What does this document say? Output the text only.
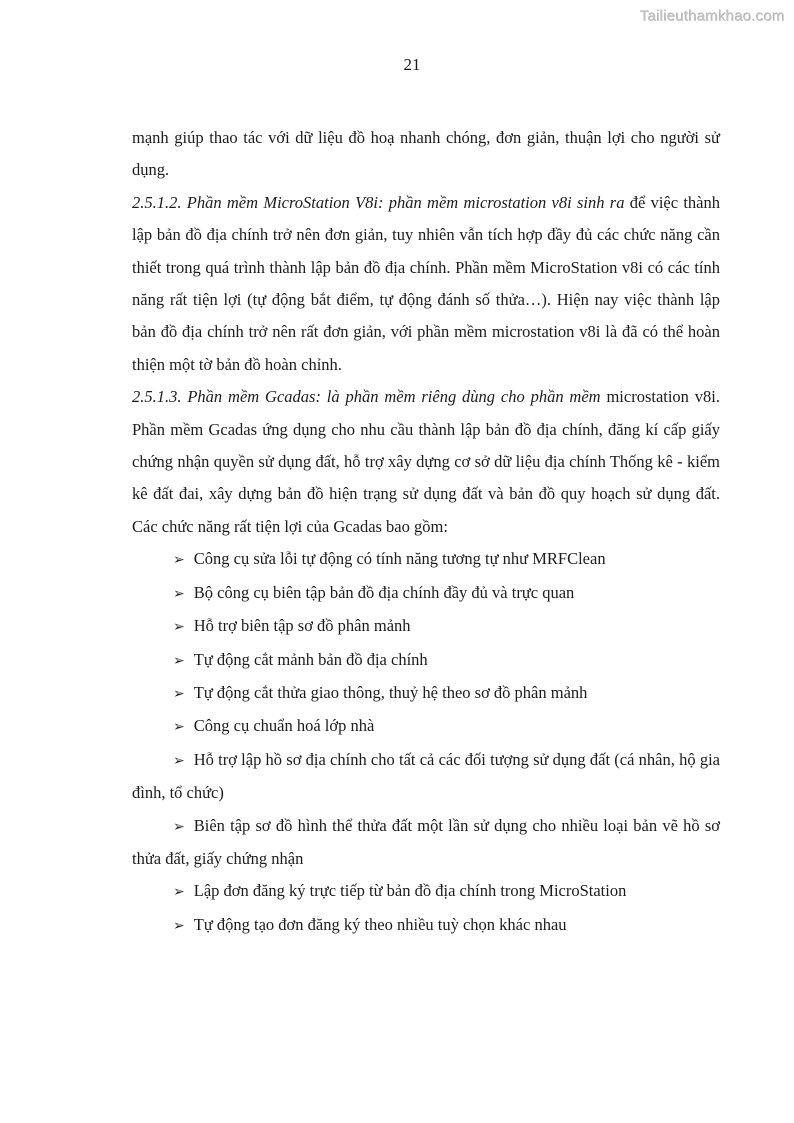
Tailieuthamkhao.com
21

mạnh giúp thao tác với dữ liệu đồ hoạ nhanh chóng, đơn giản, thuận lợi cho người sử dụng.

2.5.1.2. Phần mềm MicroStation V8i: phần mềm microstation v8i sinh ra để việc thành lập bản đồ địa chính trở nên đơn giản, tuy nhiên vẫn tích hợp đầy đủ các chức năng cần thiết trong quá trình thành lập bản đồ địa chính. Phần mềm MicroStation v8i có các tính năng rất tiện lợi (tự động bắt điểm, tự động đánh số thửa…). Hiện nay việc thành lập bản đồ địa chính trở nên rất đơn giản, với phần mềm microstation v8i là đã có thể hoàn thiện một tờ bản đồ hoàn chỉnh.

2.5.1.3. Phần mềm Gcadas: là phần mềm riêng dùng cho phần mềm microstation v8i. Phần mềm Gcadas ứng dụng cho nhu cầu thành lập bản đồ địa chính, đăng kí cấp giấy chứng nhận quyền sử dụng đất, hỗ trợ xây dựng cơ sở dữ liệu địa chính Thống kê - kiểm kê đất đai, xây dựng bản đồ hiện trạng sử dụng đất và bản đồ quy hoạch sử dụng đất. Các chức năng rất tiện lợi của Gcadas bao gồm:

➢ Công cụ sửa lỗi tự động có tính năng tương tự như MRFClean

➢ Bộ công cụ biên tập bản đồ địa chính đầy đủ và trực quan

➢ Hỗ trợ biên tập sơ đồ phân mảnh

➢ Tự động cắt mảnh bản đồ địa chính

➢ Tự động cắt thửa giao thông, thuỷ hệ theo sơ đồ phân mảnh

➢ Công cụ chuẩn hoá lớp nhà

➢ Hỗ trợ lập hồ sơ địa chính cho tất cả các đối tượng sử dụng đất (cá nhân, hộ gia đình, tổ chức)

➢ Biên tập sơ đồ hình thể thửa đất một lần sử dụng cho nhiều loại bản vẽ hồ sơ thửa đất, giấy chứng nhận

➢ Lập đơn đăng ký trực tiếp từ bản đồ địa chính trong MicroStation

➢ Tự động tạo đơn đăng ký theo nhiều tuỳ chọn khác nhau
